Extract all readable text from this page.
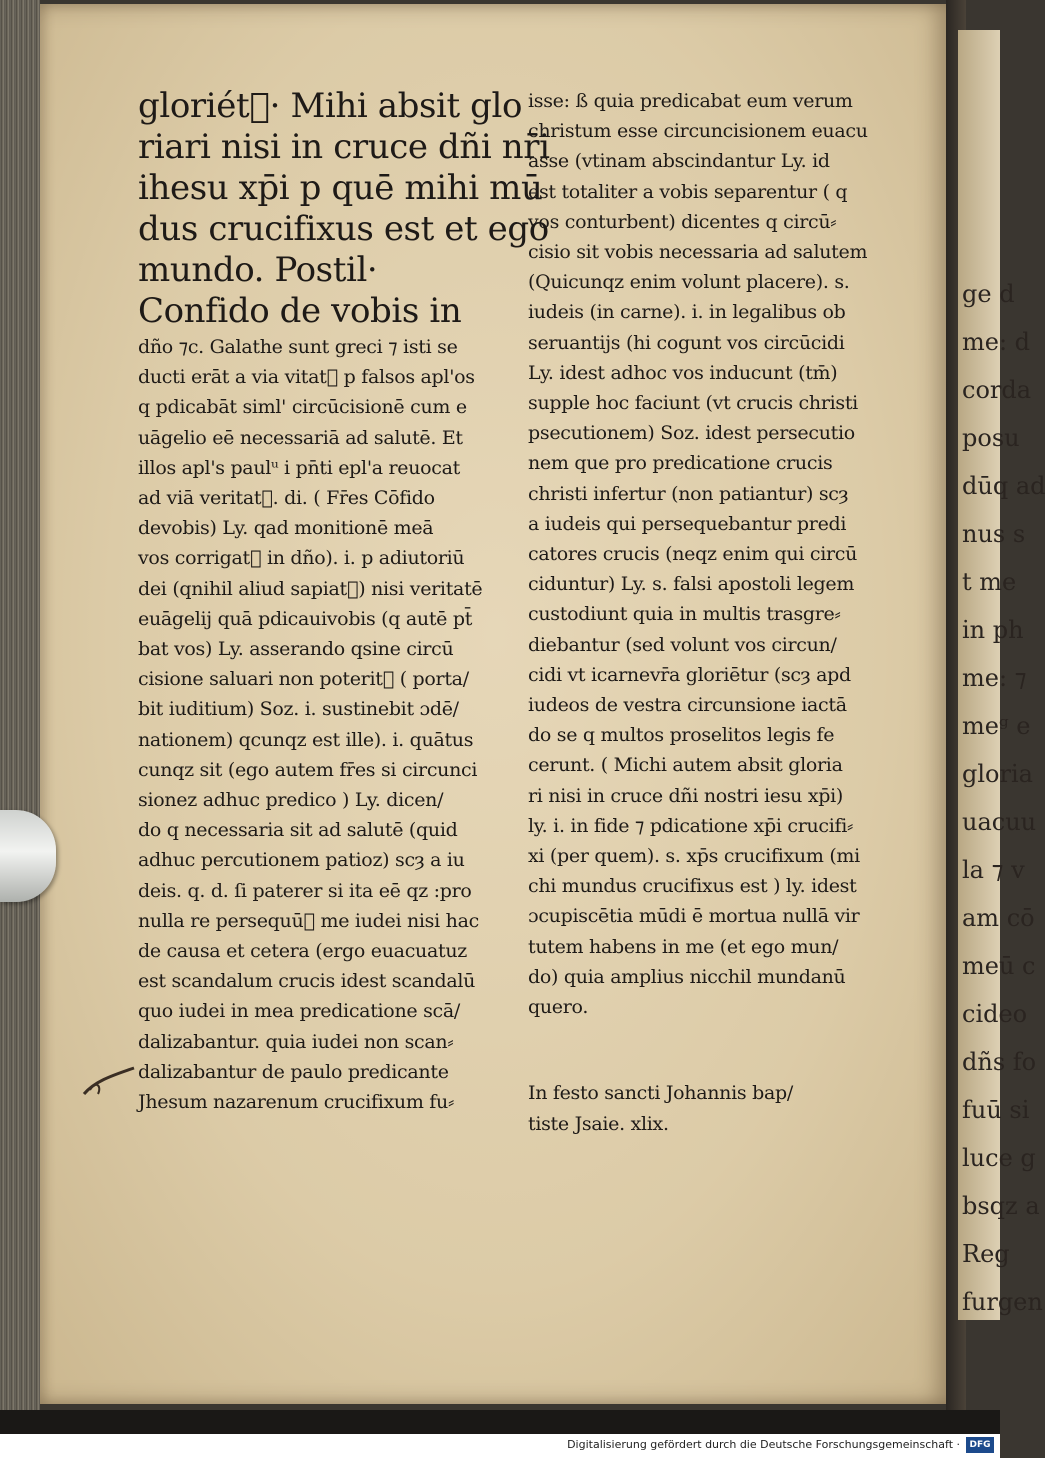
ge d
me: d
corda
posu
dūq ad
nus s
t me
in ph
me: ⁊
meᵍ e
gloria
uacuu
la ⁊ v
am cō
meū c
cideo
dñs fo
fuū si
luce g
bsqz a
Reg
furgen
gloriétᷓ· Mihi absit glo
riari nisi in cruce dñi nr̄i
ihesu xp̄i p quē mihi mū
dus crucifixus est et ego
mundo. Postil·
Confido de vobis in
dño ⁊c. Galathe sunt greci ⁊ isti se
ducti erāt a via vitatᷓ p falsos apl'os
q pdicabāt siml' circūcisionē cum e
uāgelio eē necessariā ad salutē. Et
illos apl's paulᵘ i pn̄ti epl'a reuocat
ad viā veritatᷓ. di. ( Fr̄es Cōfido
devobis) Ly. qad monitionē meā
vos corrigatᷓ in dño). i. p adiutoriū
dei (qnihil aliud sapiatᷓ) nisi veritatē
euāgelij quā pdicauivobis (q autē pt̄
bat vos) Ly. asserando qsine circū
cisione saluari non poteritᷓ ( porta/
bit iuditium) Soz. i. sustinebit ɔdē/
nationem) qcunqz est ille). i. quātus
cunqz sit (ego autem fr̄es si circunci
sionez adhuc predico ) Ly. dicen/
do q necessaria sit ad salutē (quid
adhuc percutionem patioz) scȝ a iu
deis. q. d. ſi paterer si ita eē qz :pro
nulla re persequūᷓ me iudei nisi hac
de causa et cetera (ergo euacuatuz
est scandalum crucis idest scandalū
quo iudei in mea predicatione scā/
dalizabantur. quia iudei non scan⸗
dalizabantur de paulo predicante
Jhesum nazarenum crucifixum fu⸗
isse: ß quia predicabat eum verum
christum esse circuncisionem euacu
asse (vtinam abscindantur Ly. id
est totaliter a vobis separentur ( q
vos conturbent) dicentes q circū⸗
cisio sit vobis necessaria ad salutem
(Quicunqz enim volunt placere). s.
iudeis (in carne). i. in legalibus ob
seruantijs (hi cogunt vos circūcidi
Ly. idest adhoc vos inducunt (tm̄)
supple hoc faciunt (vt crucis christi
psecutionem) Soz. idest persecutio
nem que pro predicatione crucis
christi infertur (non patiantur) scȝ
a iudeis qui persequebantur predi
catores crucis (neqz enim qui circū
ciduntur) Ly. s. falsi apostoli legem
custodiunt quia in multis trasgre⸗
diebantur (sed volunt vos circun/
cidi vt icarnevr̄a gloriētur (scȝ apd
iudeos de vestra circunsione iactā
do se q multos proselitos legis fe
cerunt. ( Michi autem absit gloria
ri nisi in cruce dñi nostri iesu xp̄i)
ly. i. in fide ⁊ pdicatione xp̄i crucifi⸗
xi (per quem). s. xp̄s crucifixum (mi
chi mundus crucifixus est ) ly. idest
ɔcupiscētia mūdi ē mortua nullā vir
tutem habens in me (et ego mun/
do) quia amplius nicchil mundanū
quero.
In festo sancti Johannis bap/
tiste Jsaie. xlix.
Digitalisierung gefördert durch die Deutsche Forschungsgemeinschaft ·	DFG
